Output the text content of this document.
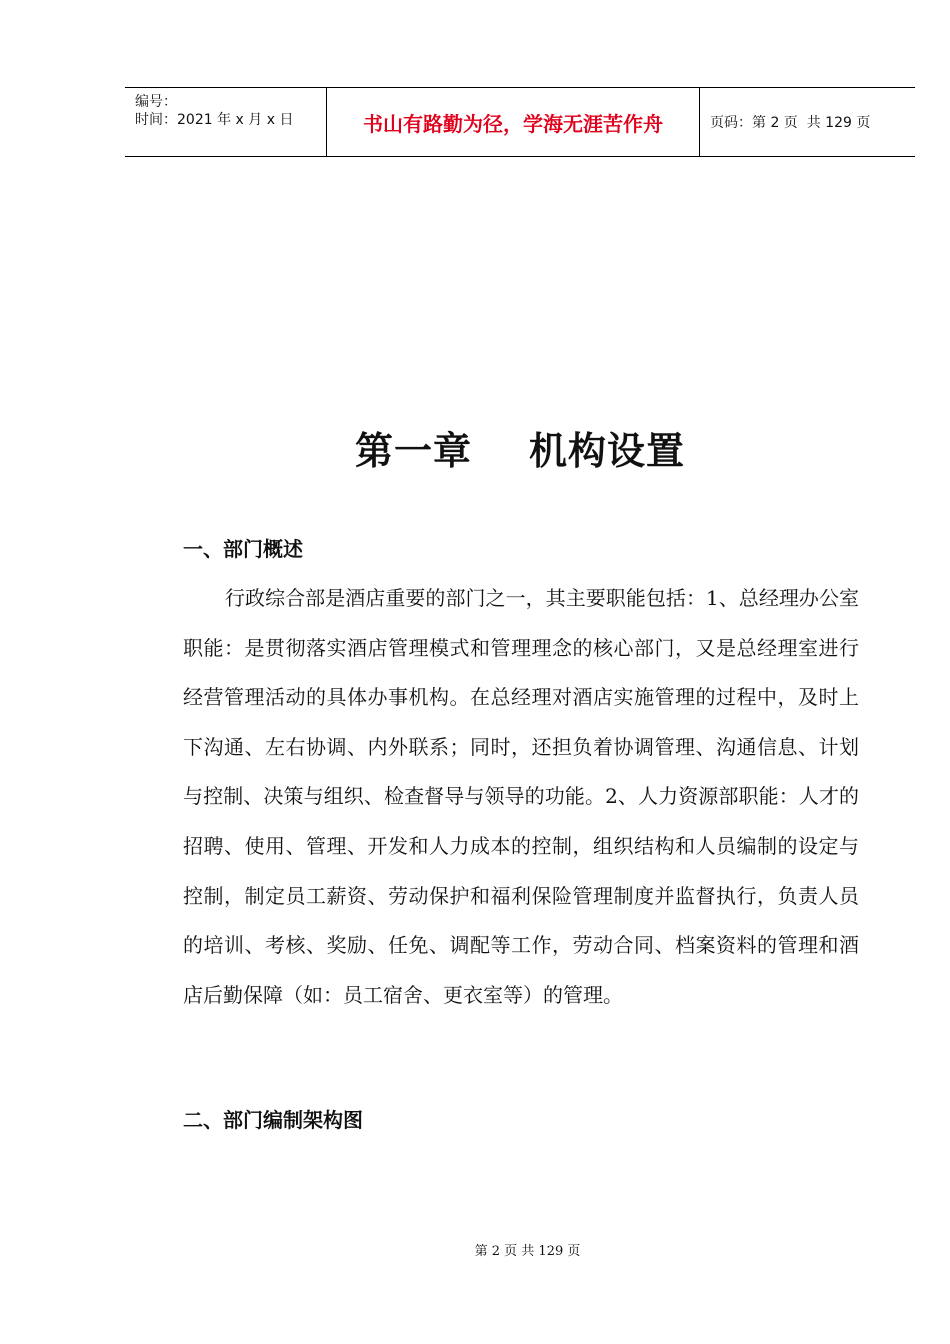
编号：
时间：2021 年 x 月 x 日	书山有路勤为径，学海无涯苦作舟	页码：第 2 页  共 129 页
第一章    机构设置
一、部门概述
行政综合部是酒店重要的部门之一，其主要职能包括：1、总经理办公室职能：是贯彻落实酒店管理模式和管理理念的核心部门，又是总经理室进行经营管理活动的具体办事机构。在总经理对酒店实施管理的过程中，及时上下沟通、左右协调、内外联系；同时，还担负着协调管理、沟通信息、计划与控制、决策与组织、检查督导与领导的功能。2、人力资源部职能：人才的招聘、使用、管理、开发和人力成本的控制，组织结构和人员编制的设定与控制，制定员工薪资、劳动保护和福利保险管理制度并监督执行，负责人员的培训、考核、奖励、任免、调配等工作，劳动合同、档案资料的管理和酒店后勤保障（如：员工宿舍、更衣室等）的管理。
二、部门编制架构图
第 2 页 共 129 页
